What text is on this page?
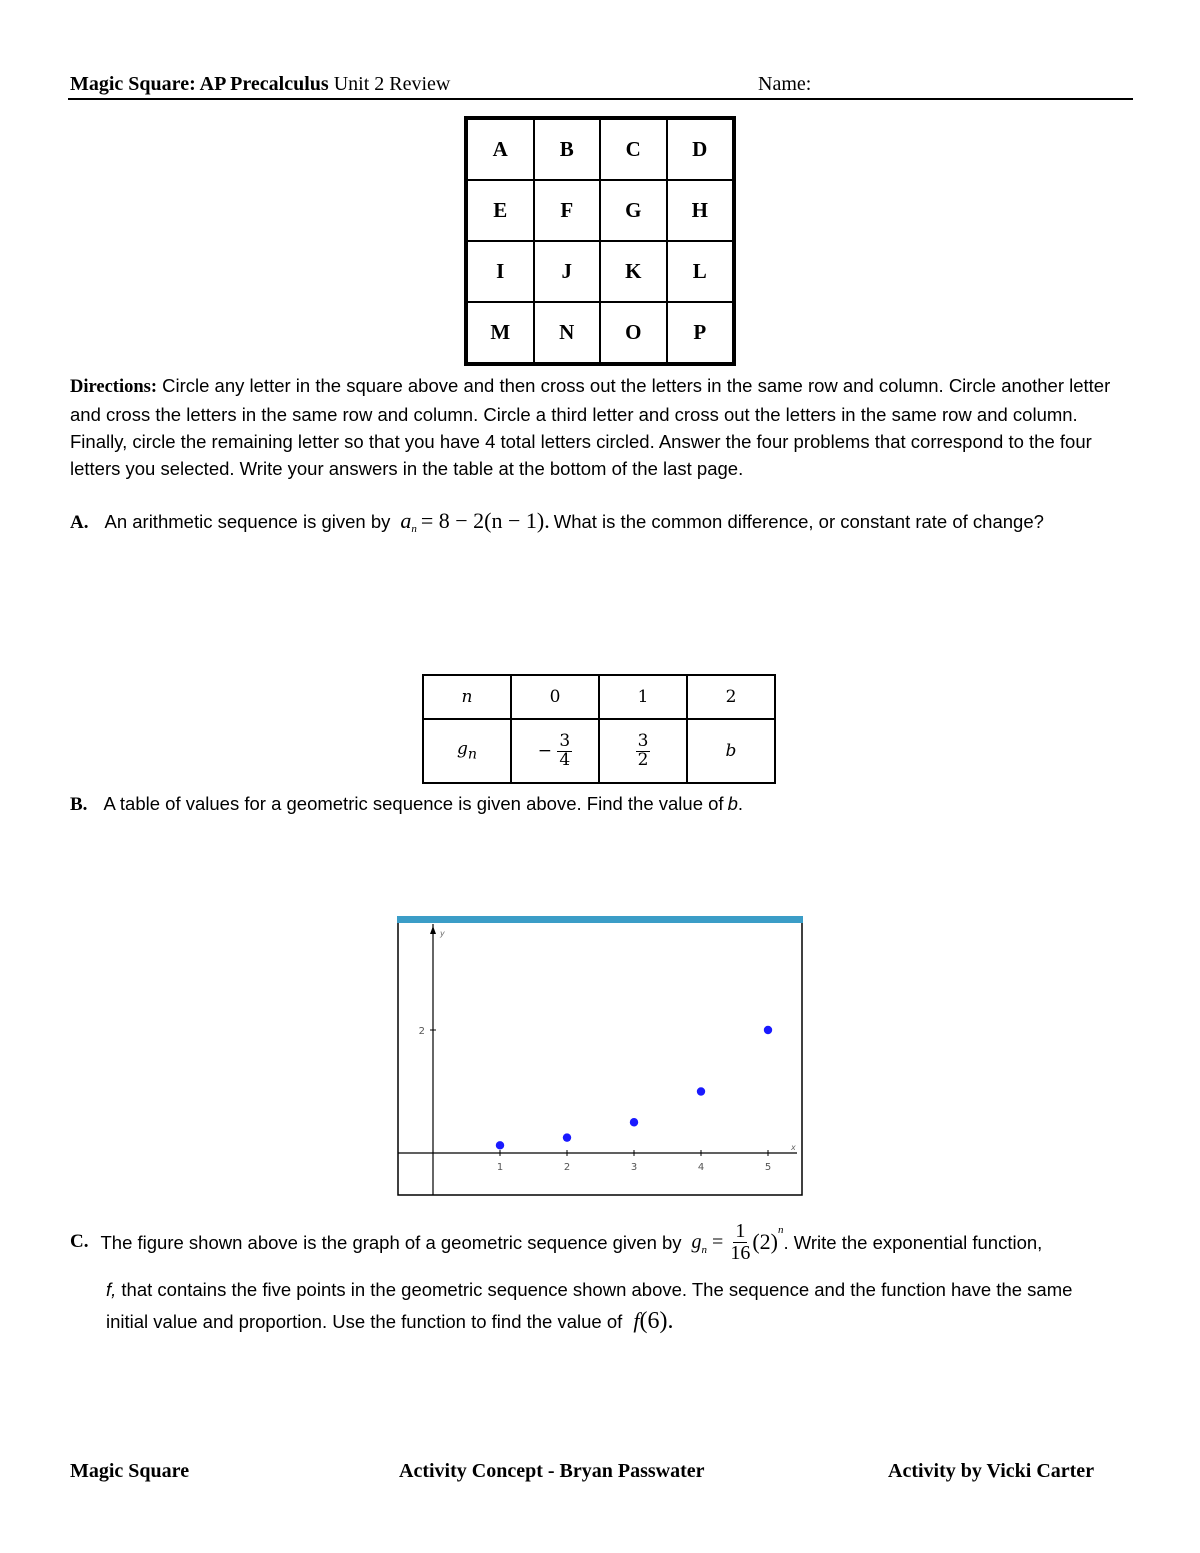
Magic Square: AP Precalculus Unit 2 Review	Name:
A	B	C	D
E	F	G	H
I	J	K	L
M	N	O	P
Directions: Circle any letter in the square above and then cross out the letters in the same row and column. Circle another letter and cross the letters in the same row and column. Circle a third letter and cross out the letters in the same row and column. Finally, circle the remaining letter so that you have 4 total letters circled. Answer the four problems that correspond to the four letters you selected. Write your answers in the table at the bottom of the last page.
A. An arithmetic sequence is given by $a_n = 8 - 2(n - 1)$. What is the common difference, or constant rate of change?
n	0	1	2
$g_n$	− $\frac{3}{4}$	$\frac{3}{2}$	b
B. A table of values for a geometric sequence is given above. Find the value of b.
y
x
1	2	3	4	5
2
C. The figure shown above is the graph of a geometric sequence given by $g_n = \frac{1}{16} (2)^n$
. Write the exponential function,
f, that contains the five points in the geometric sequence shown above. The sequence and the function have the same
initial value and proportion. Use the function to find the value of f(6).
Magic Square	Activity Concept - Bryan Passwater	Activity by Vicki Carter
